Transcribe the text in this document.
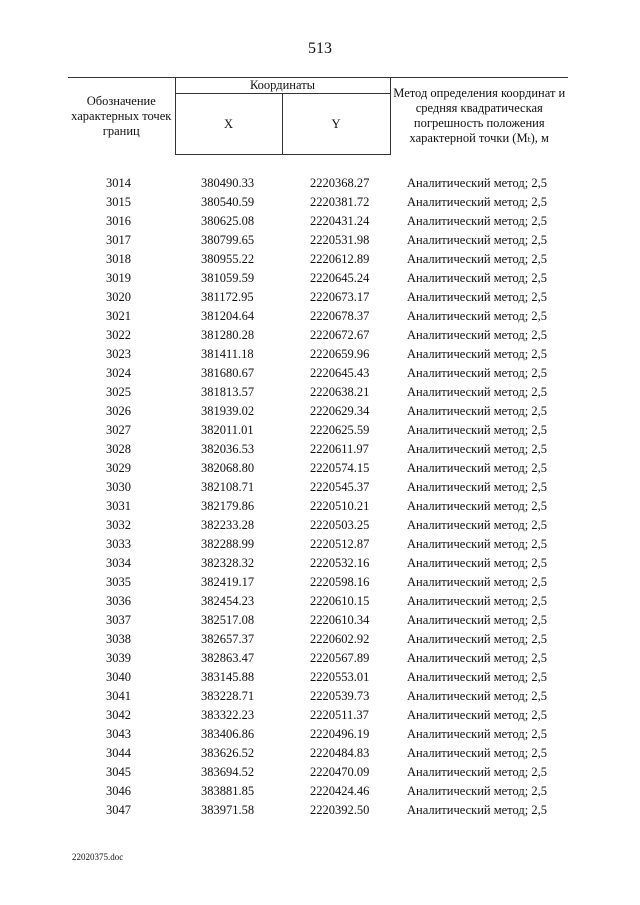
513
Обозначение характерных точек границ	Координаты		Метод определения координат и средняя квадратическая погрешность положения характерной точки (Mₜ), м
	X	Y	

3014	380490.33	2220368.27	Аналитический метод; 2,5
3015	380540.59	2220381.72	Аналитический метод; 2,5
3016	380625.08	2220431.24	Аналитический метод; 2,5
3017	380799.65	2220531.98	Аналитический метод; 2,5
3018	380955.22	2220612.89	Аналитический метод; 2,5
3019	381059.59	2220645.24	Аналитический метод; 2,5
3020	381172.95	2220673.17	Аналитический метод; 2,5
3021	381204.64	2220678.37	Аналитический метод; 2,5
3022	381280.28	2220672.67	Аналитический метод; 2,5
3023	381411.18	2220659.96	Аналитический метод; 2,5
3024	381680.67	2220645.43	Аналитический метод; 2,5
3025	381813.57	2220638.21	Аналитический метод; 2,5
3026	381939.02	2220629.34	Аналитический метод; 2,5
3027	382011.01	2220625.59	Аналитический метод; 2,5
3028	382036.53	2220611.97	Аналитический метод; 2,5
3029	382068.80	2220574.15	Аналитический метод; 2,5
3030	382108.71	2220545.37	Аналитический метод; 2,5
3031	382179.86	2220510.21	Аналитический метод; 2,5
3032	382233.28	2220503.25	Аналитический метод; 2,5
3033	382288.99	2220512.87	Аналитический метод; 2,5
3034	382328.32	2220532.16	Аналитический метод; 2,5
3035	382419.17	2220598.16	Аналитический метод; 2,5
3036	382454.23	2220610.15	Аналитический метод; 2,5
3037	382517.08	2220610.34	Аналитический метод; 2,5
3038	382657.37	2220602.92	Аналитический метод; 2,5
3039	382863.47	2220567.89	Аналитический метод; 2,5
3040	383145.88	2220553.01	Аналитический метод; 2,5
3041	383228.71	2220539.73	Аналитический метод; 2,5
3042	383322.23	2220511.37	Аналитический метод; 2,5
3043	383406.86	2220496.19	Аналитический метод; 2,5
3044	383626.52	2220484.83	Аналитический метод; 2,5
3045	383694.52	2220470.09	Аналитический метод; 2,5
3046	383881.85	2220424.46	Аналитический метод; 2,5
3047	383971.58	2220392.50	Аналитический метод; 2,5
22020375.doc
